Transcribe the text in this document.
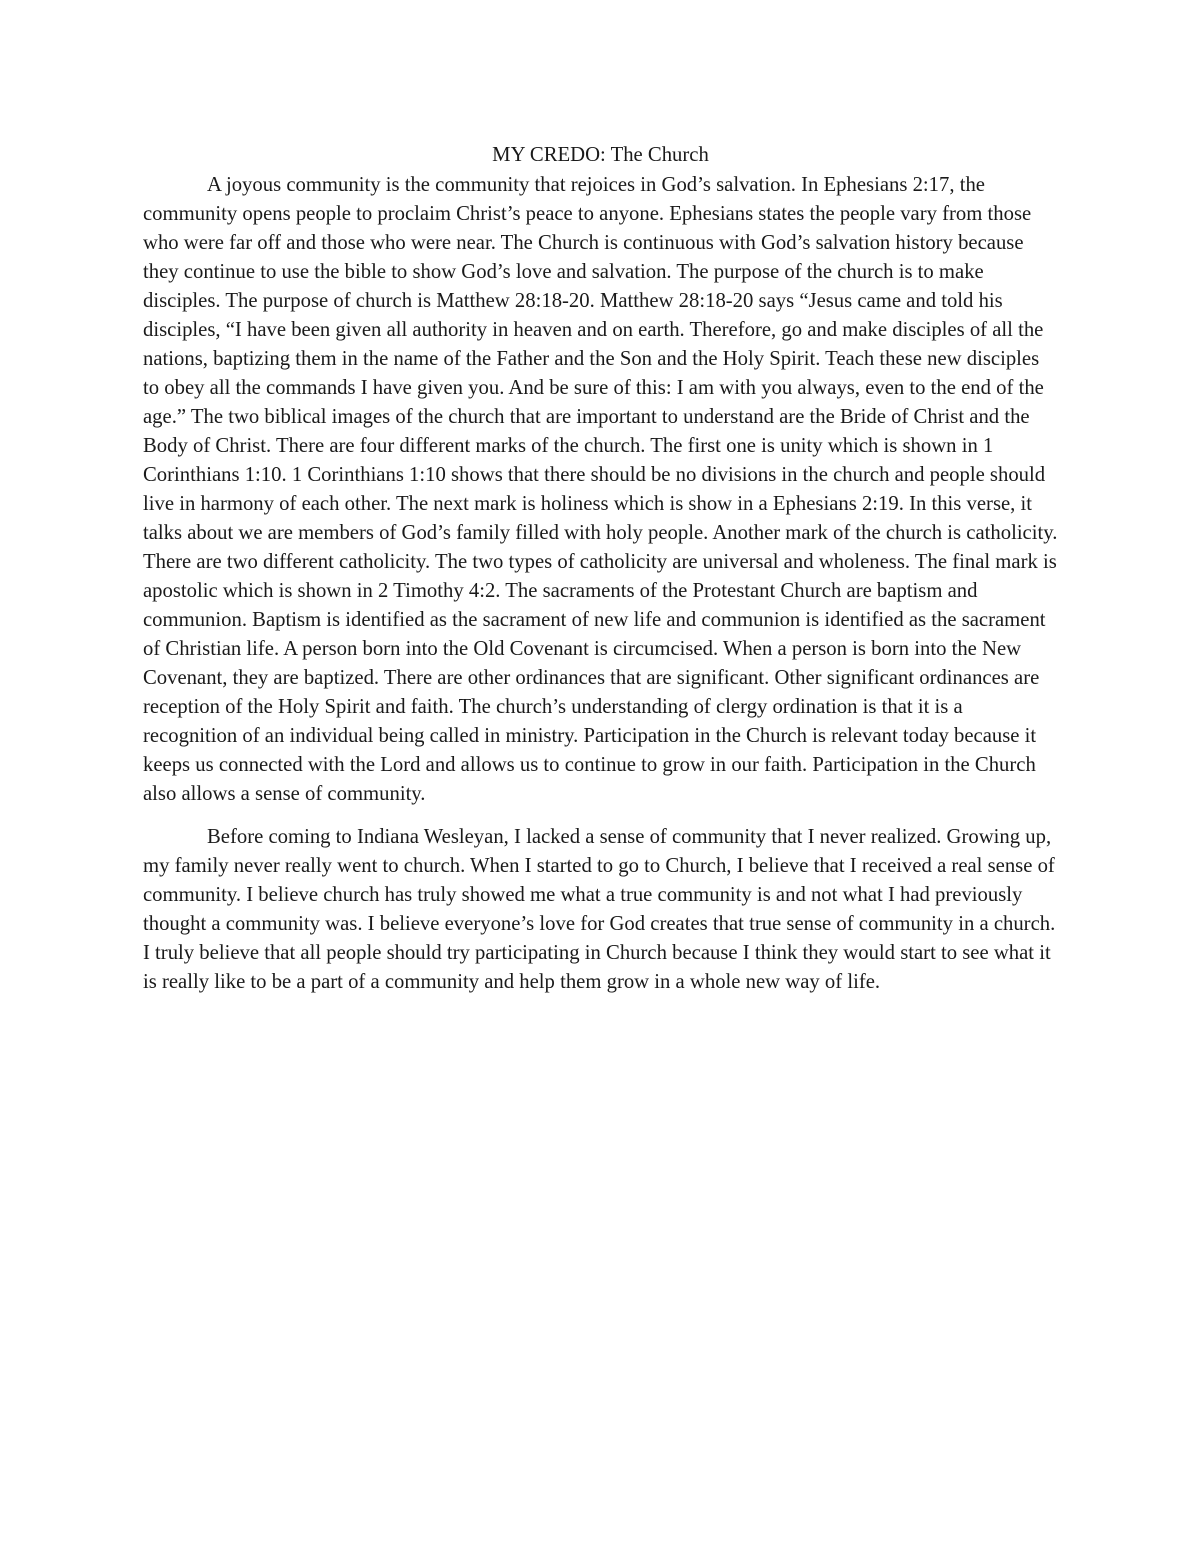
MY CREDO: The Church

A joyous community is the community that rejoices in God’s salvation. In Ephesians 2:17, the community opens people to proclaim Christ’s peace to anyone. Ephesians states the people vary from those who were far off and those who were near. The Church is continuous with God’s salvation history because they continue to use the bible to show God’s love and salvation. The purpose of the church is to make disciples. The purpose of church is Matthew 28:18-20. Matthew 28:18-20 says “Jesus came and told his disciples, “I have been given all authority in heaven and on earth. Therefore, go and make disciples of all the nations, baptizing them in the name of the Father and the Son and the Holy Spirit. Teach these new disciples to obey all the commands I have given you. And be sure of this: I am with you always, even to the end of the age.” The two biblical images of the church that are important to understand are the Bride of Christ and the Body of Christ. There are four different marks of the church. The first one is unity which is shown in 1 Corinthians 1:10. 1 Corinthians 1:10 shows that there should be no divisions in the church and people should live in harmony of each other. The next mark is holiness which is show in a Ephesians 2:19. In this verse, it talks about we are members of God’s family filled with holy people. Another mark of the church is catholicity. There are two different catholicity. The two types of catholicity are universal and wholeness. The final mark is apostolic which is shown in 2 Timothy 4:2. The sacraments of the Protestant Church are baptism and communion. Baptism is identified as the sacrament of new life and communion is identified as the sacrament of Christian life. A person born into the Old Covenant is circumcised. When a person is born into the New Covenant, they are baptized. There are other ordinances that are significant. Other significant ordinances are reception of the Holy Spirit and faith. The church’s understanding of clergy ordination is that it is a recognition of an individual being called in ministry. Participation in the Church is relevant today because it keeps us connected with the Lord and allows us to continue to grow in our faith. Participation in the Church also allows a sense of community.

Before coming to Indiana Wesleyan, I lacked a sense of community that I never realized. Growing up, my family never really went to church. When I started to go to Church, I believe that I received a real sense of community. I believe church has truly showed me what a true community is and not what I had previously thought a community was. I believe everyone’s love for God creates that true sense of community in a church. I truly believe that all people should try participating in Church because I think they would start to see what it is really like to be a part of a community and help them grow in a whole new way of life.
